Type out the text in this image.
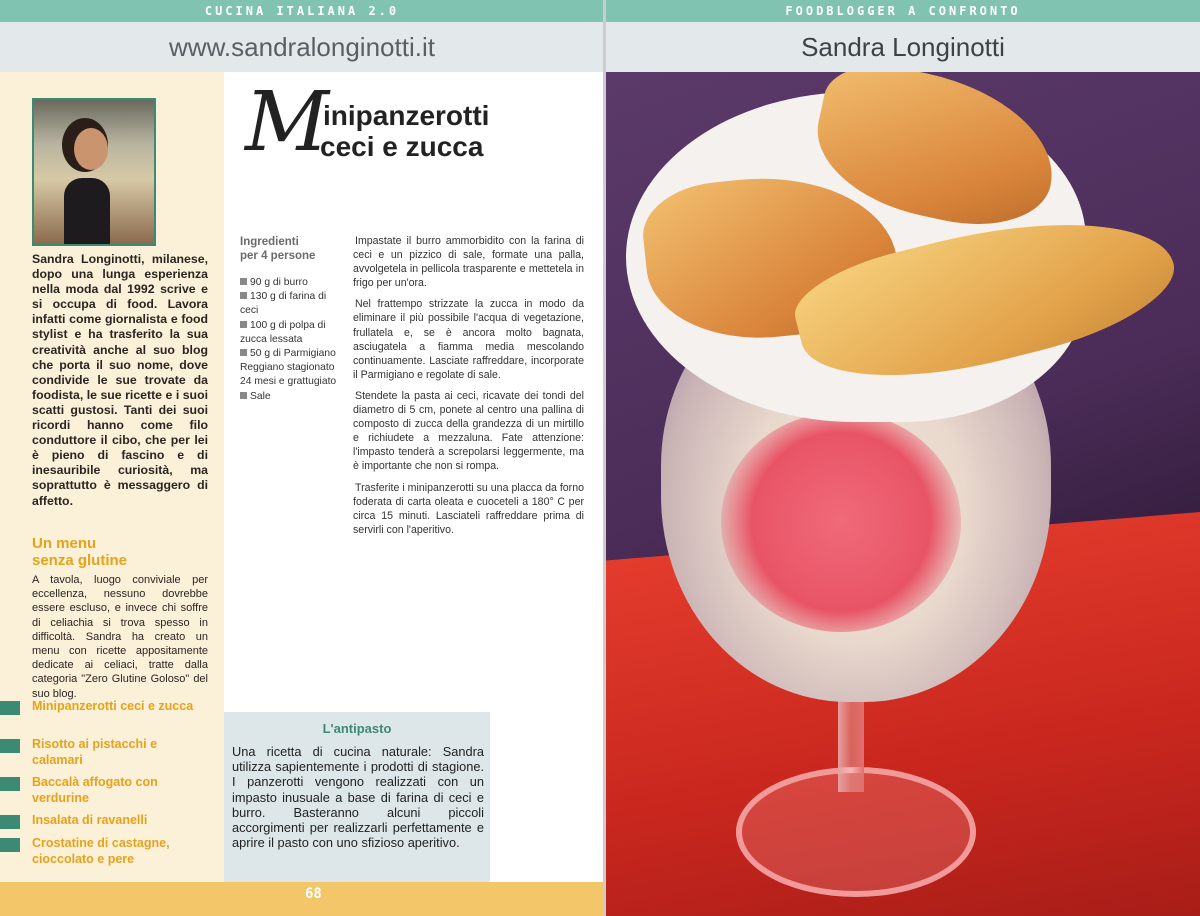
CUCINA ITALIANA 2.0	FOODBLOGGER A CONFRONTO
www.sandralonginotti.it	Sandra Longinotti
Sandra Longinotti, milanese, dopo una lunga esperienza nella moda dal 1992 scrive e si occupa di food. Lavora infatti come giornalista e food stylist e ha trasferito la sua creatività anche al suo blog che porta il suo nome, dove condivide le sue trovate da foodista, le sue ricette e i suoi scatti gustosi. Tanti dei suoi ricordi hanno come filo conduttore il cibo, che per lei è pieno di fascino e di inesauribile curiosità, ma soprattutto è messaggero di affetto.
Un menu
senza glutine
A tavola, luogo conviviale per eccellenza, nessuno dovrebbe essere escluso, e invece chi soffre di celiachia si trova spesso in difficoltà. Sandra ha creato un menu con ricette appositamente dedicate ai celiaci, tratte dalla categoria "Zero Glutine Goloso" del suo blog.
Minipanzerotti ceci e zucca
Risotto ai pistacchi e calamari
Baccalà affogato con verdurine
Insalata di ravanelli
Crostatine di castagne, cioccolato e pere
M
inipanzerotti
ceci e zucca
Ingredienti
per 4 persone
90 g di burro
130 g di farina di ceci
100 g di polpa di zucca lessata
50 g di Parmigiano Reggiano stagionato 24 mesi e grattugiato
Sale

Impastate il burro ammorbidito con la farina di ceci e un pizzico di sale, formate una palla, avvolgetela in pellicola trasparente e mettetela in frigo per un'ora.

Nel frattempo strizzate la zucca in modo da eliminare il più possibile l'acqua di vegetazione, frullatela e, se è ancora molto bagnata, asciugatela a fiamma media mescolando continuamente. Lasciate raffreddare, incorporate il Parmigiano e regolate di sale.

Stendete la pasta ai ceci, ricavate dei tondi del diametro di 5 cm, ponete al centro una pallina di composto di zucca della grandezza di un mirtillo e richiudete a mezzaluna. Fate attenzione: l'impasto tenderà a screpolarsi leggermente, ma è importante che non si rompa.

Trasferite i minipanzerotti su una placca da forno foderata di carta oleata e cuoceteli a 180° C per circa 15 minuti. Lasciateli raffreddare prima di servirli con l'aperitivo.

L'antipasto
Una ricetta di cucina naturale: Sandra utilizza sapientemente i prodotti di stagione. I panzerotti vengono realizzati con un impasto inusuale a base di farina di ceci e burro. Basteranno alcuni piccoli accorgimenti per realizzarli perfettamente e aprire il pasto con uno sfizioso aperitivo.
68
